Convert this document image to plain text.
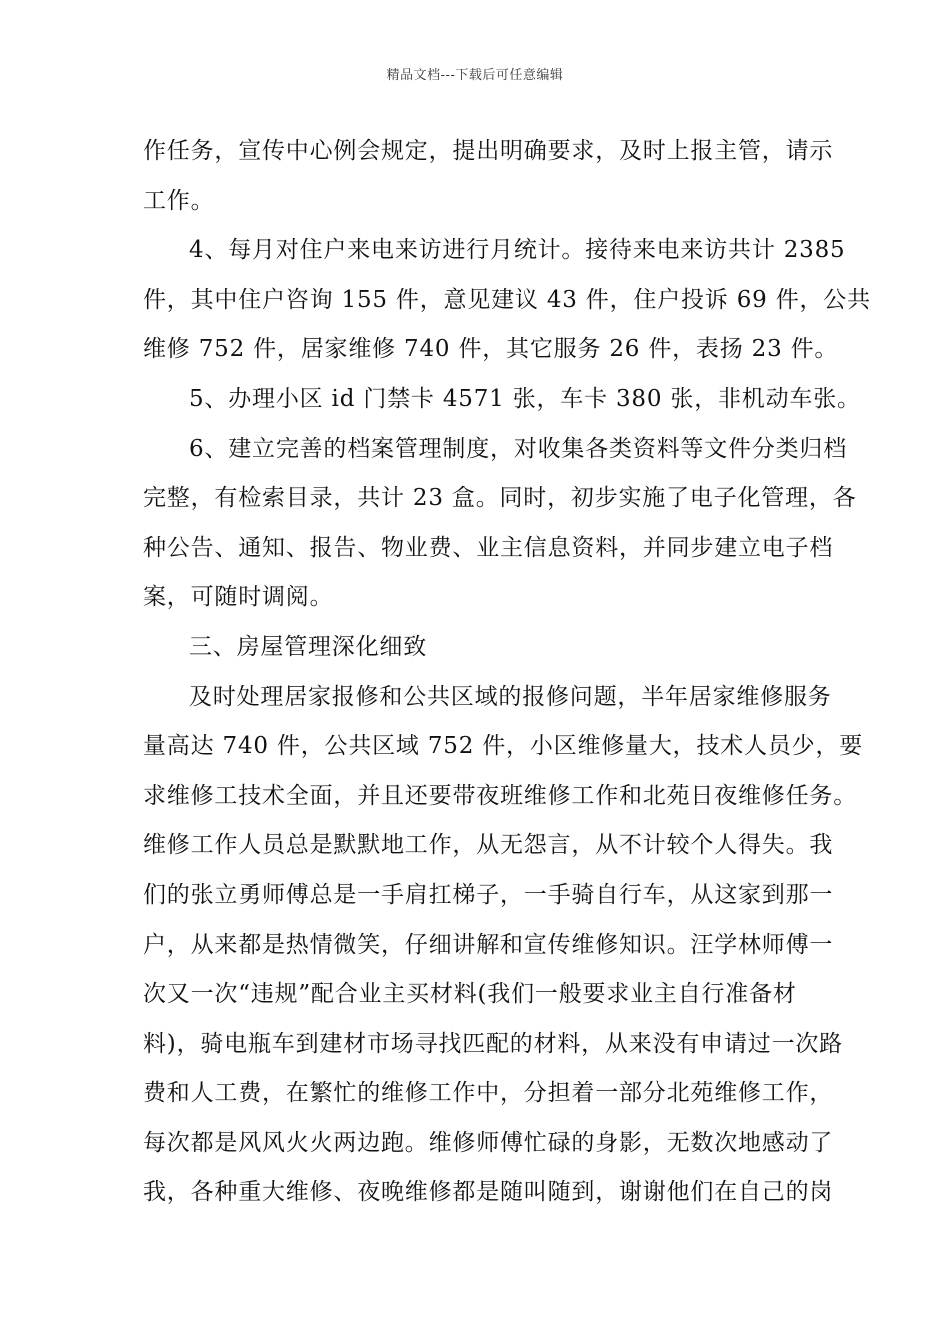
精品文档---下载后可任意编辑
作任务，宣传中心例会规定，提出明确要求，及时上报主管，请示
工作。
4、每月对住户来电来访进行月统计。接待来电来访共计 2385
件，其中住户咨询 155 件，意见建议 43 件，住户投诉 69 件，公共
维修 752 件，居家维修 740 件，其它服务 26 件，表扬 23 件。
5、办理小区 id 门禁卡 4571 张，车卡 380 张，非机动车张。
6、建立完善的档案管理制度，对收集各类资料等文件分类归档
完整，有检索目录，共计 23 盒。同时，初步实施了电子化管理，各
种公告、通知、报告、物业费、业主信息资料，并同步建立电子档
案，可随时调阅。
三、房屋管理深化细致
及时处理居家报修和公共区域的报修问题，半年居家维修服务
量高达 740 件，公共区域 752 件，小区维修量大，技术人员少，要
求维修工技术全面，并且还要带夜班维修工作和北苑日夜维修任务。
维修工作人员总是默默地工作，从无怨言，从不计较个人得失。我
们的张立勇师傅总是一手肩扛梯子，一手骑自行车，从这家到那一
户，从来都是热情微笑，仔细讲解和宣传维修知识。汪学林师傅一
次又一次“违规”配合业主买材料(我们一般要求业主自行准备材
料)，骑电瓶车到建材市场寻找匹配的材料，从来没有申请过一次路
费和人工费，在繁忙的维修工作中，分担着一部分北苑维修工作，
每次都是风风火火两边跑。维修师傅忙碌的身影，无数次地感动了
我，各种重大维修、夜晚维修都是随叫随到，谢谢他们在自己的岗
